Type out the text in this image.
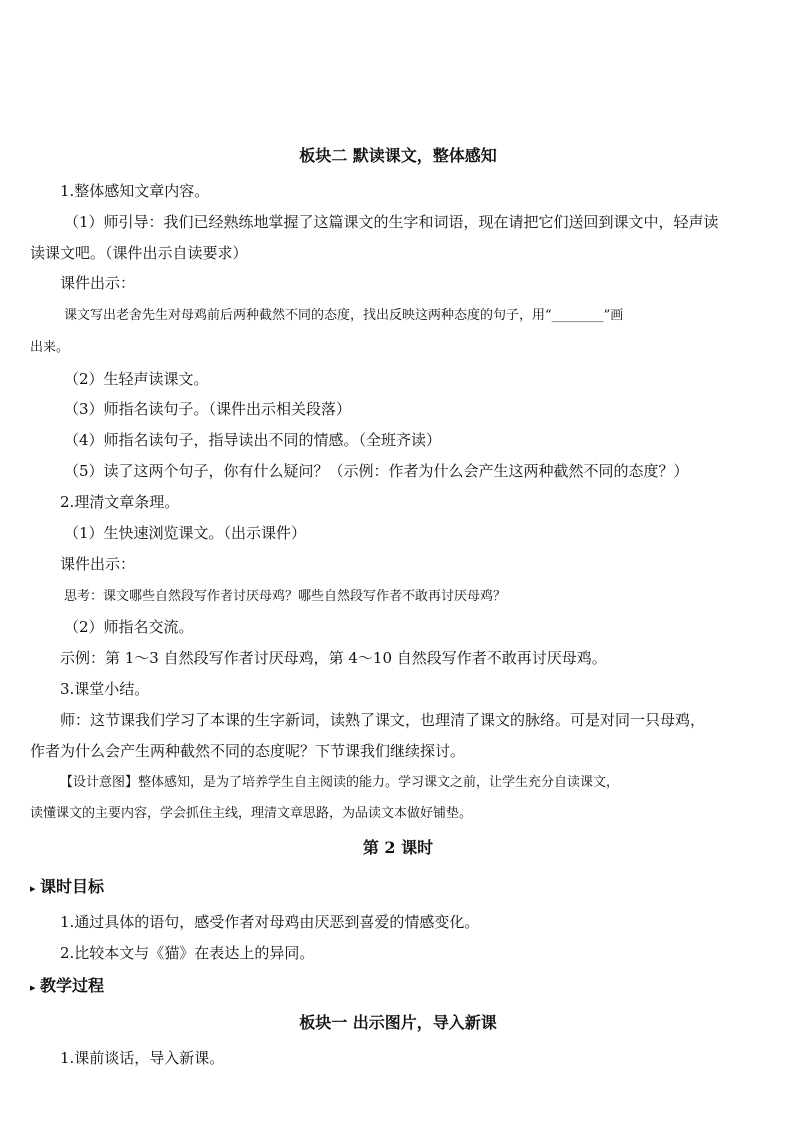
板块二 默读课文，整体感知
1.整体感知文章内容。
（1）师引导：我们已经熟练地掌握了这篇课文的生字和词语，现在请把它们送回到课文中，轻声读
读课文吧。（课件出示自读要求）
课件出示：
课文写出老舍先生对母鸡前后两种截然不同的态度，找出反映这两种态度的句子，用“________”画
出来。
（2）生轻声读课文。
（3）师指名读句子。（课件出示相关段落）
（4）师指名读句子，指导读出不同的情感。（全班齐读）
（5）读了这两个句子，你有什么疑问？（示例：作者为什么会产生这两种截然不同的态度？）
2.理清文章条理。
（1）生快速浏览课文。（出示课件）
课件出示：
思考：课文哪些自然段写作者讨厌母鸡？哪些自然段写作者不敢再讨厌母鸡？
（2）师指名交流。
示例：第 1～3 自然段写作者讨厌母鸡，第 4～10 自然段写作者不敢再讨厌母鸡。
3.课堂小结。
师：这节课我们学习了本课的生字新词，读熟了课文，也理清了课文的脉络。可是对同一只母鸡，
作者为什么会产生两种截然不同的态度呢？下节课我们继续探讨。
【设计意图】整体感知，是为了培养学生自主阅读的能力。学习课文之前，让学生充分自读课文，
读懂课文的主要内容，学会抓住主线，理清文章思路，为品读文本做好铺垫。
第 2 课时
▸ 课时目标
1.通过具体的语句，感受作者对母鸡由厌恶到喜爱的情感变化。
2.比较本文与《猫》在表达上的异同。
▸ 教学过程
板块一 出示图片，导入新课
1.课前谈话，导入新课。
